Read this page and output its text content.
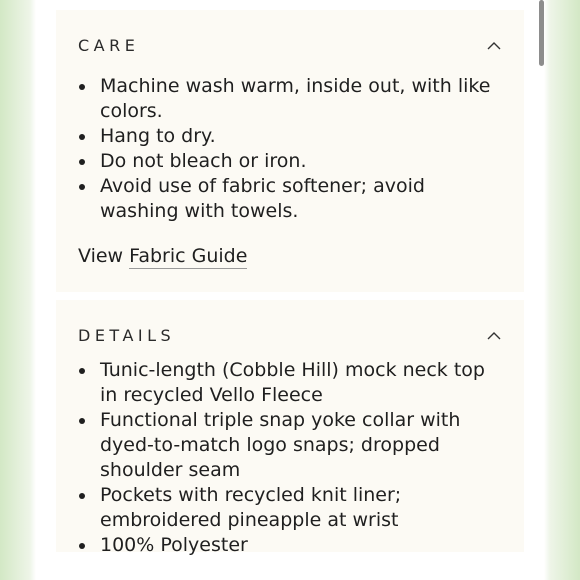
CARE
Machine wash warm, inside out, with like colors.
Hang to dry.
Do not bleach or iron.
Avoid use of fabric softener; avoid washing with towels.
View Fabric Guide
DETAILS
Tunic-length (Cobble Hill) mock neck top in recycled Vello Fleece
Functional triple snap yoke collar with dyed-to-match logo snaps; dropped shoulder seam
Pockets with recycled knit liner; embroidered pineapple at wrist
100% Polyester
